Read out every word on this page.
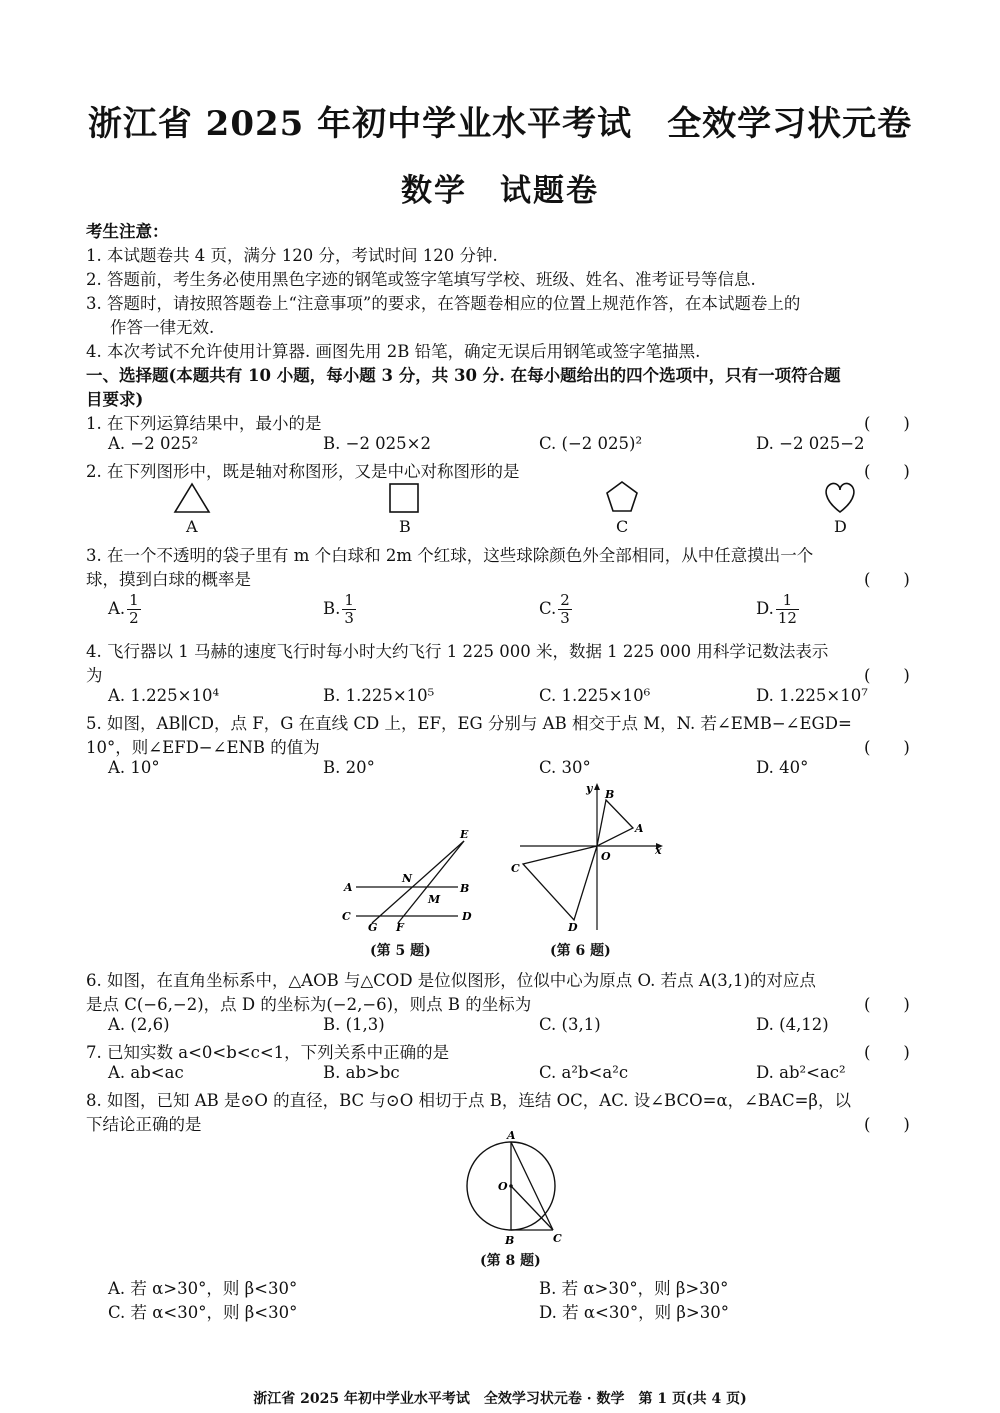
浙江省 2025 年初中学业水平考试　全效学习状元卷
数学　试题卷
考生注意：
1. 本试题卷共 4 页，满分 120 分，考试时间 120 分钟.
2. 答题前，考生务必使用黑色字迹的钢笔或签字笔填写学校、班级、姓名、准考证号等信息.
3. 答题时，请按照答题卷上“注意事项”的要求，在答题卷相应的位置上规范作答，在本试题卷上的
作答一律无效.
4. 本次考试不允许使用计算器. 画图先用 2B 铅笔，确定无误后用钢笔或签字笔描黑.
一、选择题(本题共有 10 小题，每小题 3 分，共 30 分. 在每小题给出的四个选项中，只有一项符合题
目要求)
1. 在下列运算结果中，最小的是	(　　)
A. −2 025²	B. −2 025×2	C. (−2 025)²	D. −2 025−2
2. 在下列图形中，既是轴对称图形，又是中心对称图形的是	(　　)
A	B	C	D
3. 在一个不透明的袋子里有 m 个白球和 2m 个红球，这些球除颜色外全部相同，从中任意摸出一个
球，摸到白球的概率是	(　　)
A. $\frac{1}{2}$	B. $\frac{1}{3}$	C. $\frac{2}{3}$	D. $\frac{1}{12}$
4. 飞行器以 1 马赫的速度飞行时每小时大约飞行 1 225 000 米，数据 1 225 000 用科学记数法表示
为	(　　)
A. 1.225×10⁴	B. 1.225×10⁵	C. 1.225×10⁶	D. 1.225×10⁷
5. 如图，AB∥CD，点 F，G 在直线 CD 上，EF，EG 分别与 AB 相交于点 M，N. 若∠EMB−∠EGD=
10°，则∠EFD−∠ENB 的值为	(　　)
A. 10°	B. 20°	C. 30°	D. 40°
E
N
M
A	B
C
G F
D
(第 5 题)
y
x
B
A
O
C
D
(第 6 题)
6. 如图，在直角坐标系中，△AOB 与△COD 是位似图形，位似中心为原点 O. 若点 A(3,1)的对应点
是点 C(−6,−2)，点 D 的坐标为(−2,−6)，则点 B 的坐标为	(　　)
A. (2,6)	B. (1,3)	C. (3,1)	D. (4,12)
7. 已知实数 a<0<b<c<1，下列关系中正确的是	(　　)
A. ab<ac	B. ab>bc	C. a²b<a²c	D. ab²<ac²
8. 如图，已知 AB 是⊙O 的直径，BC 与⊙O 相切于点 B，连结 OC，AC. 设∠BCO=α，∠BAC=β，以
下结论正确的是	(　　)
A
O
B	C
(第 8 题)
A. 若 α>30°，则 β<30°	B. 若 α>30°，则 β>30°
C. 若 α<30°，则 β<30°	D. 若 α<30°，则 β>30°
浙江省 2025 年初中学业水平考试　全效学习状元卷 · 数学　第 1 页(共 4 页)
